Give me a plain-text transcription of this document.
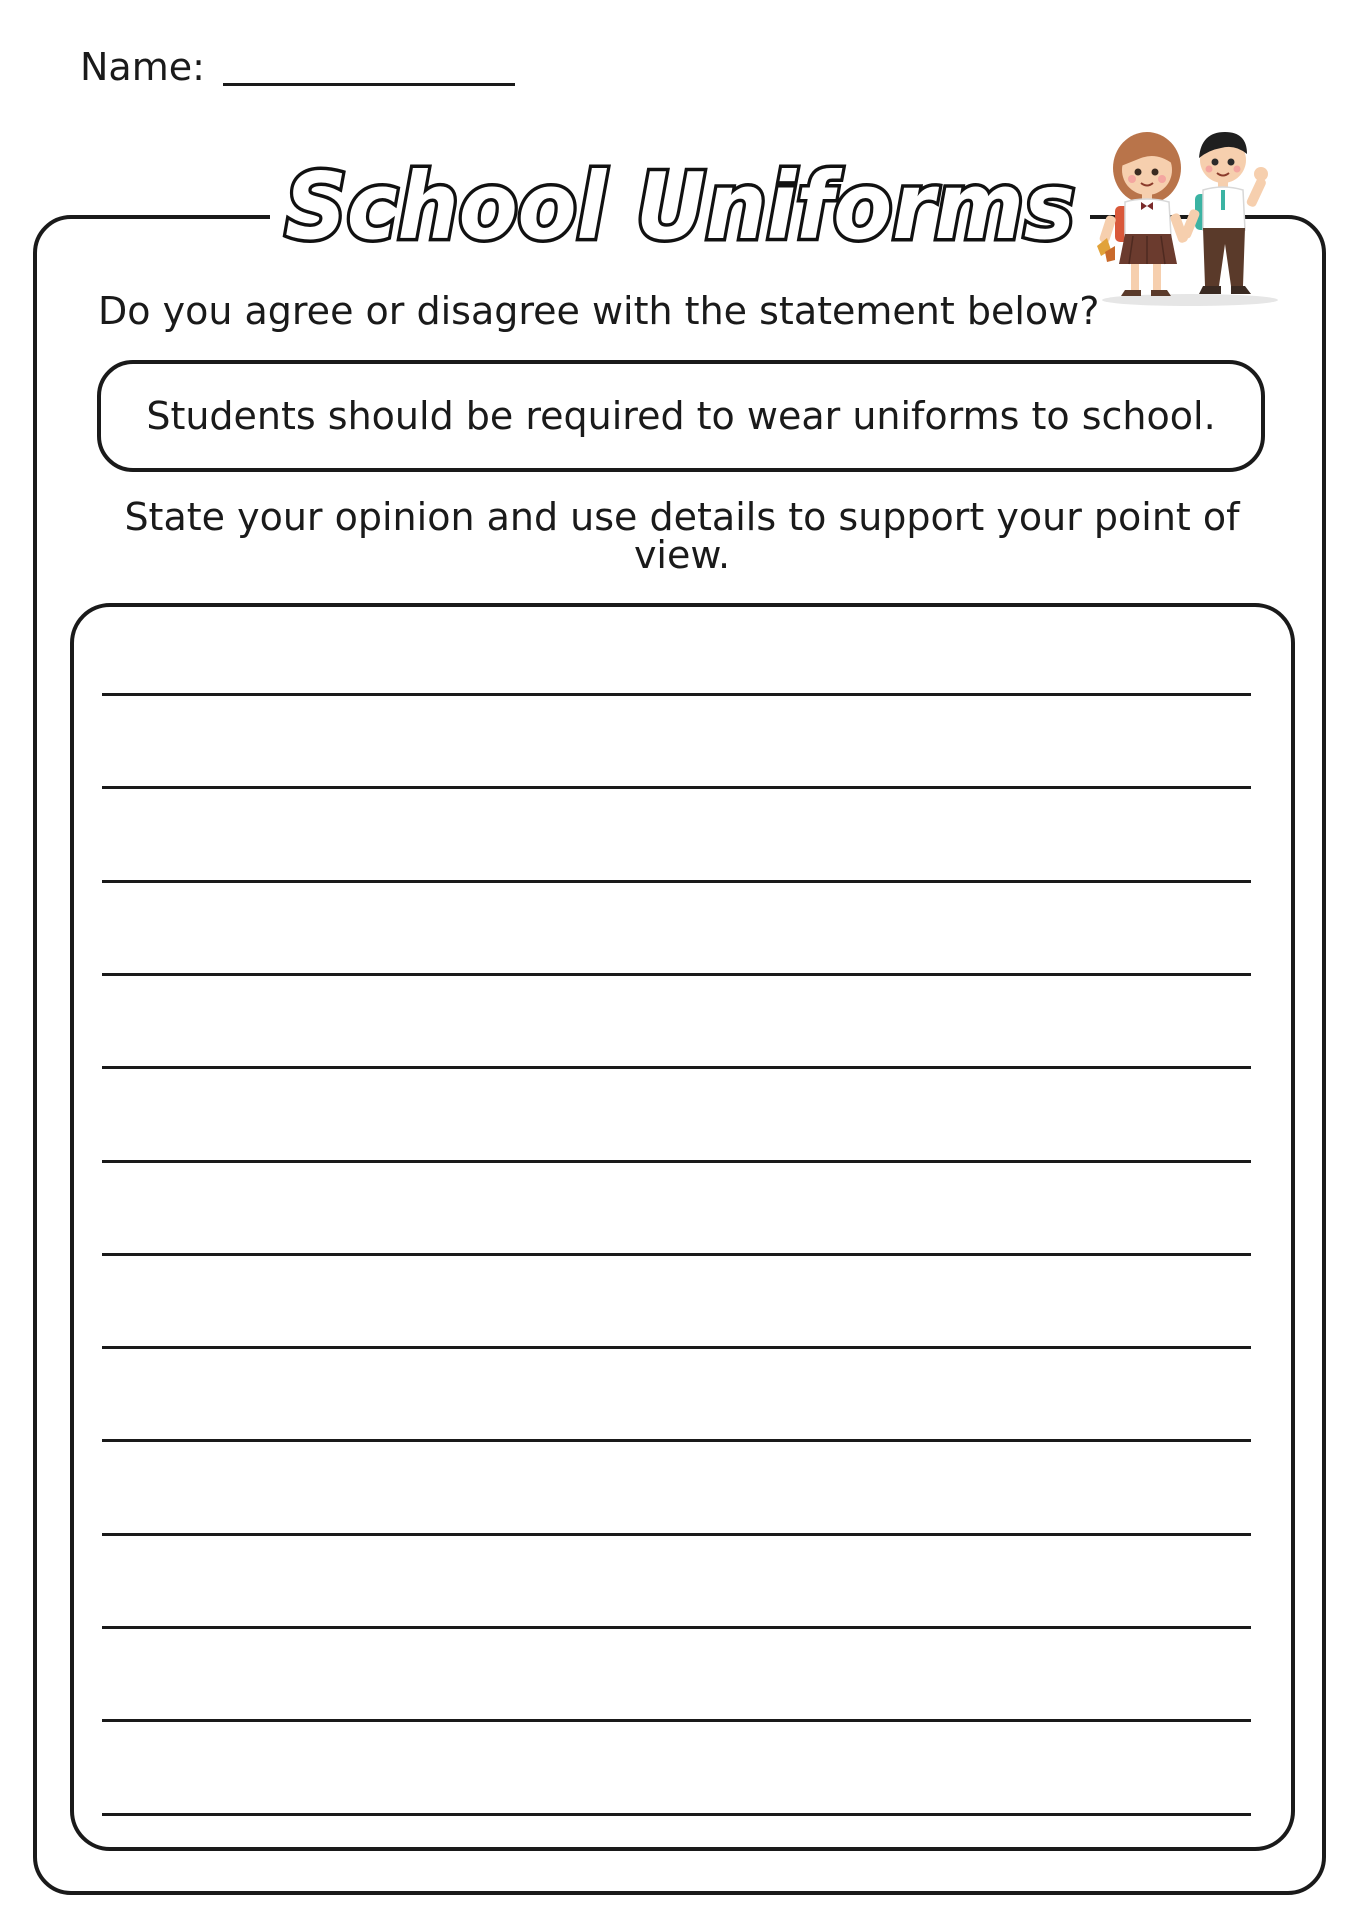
Name:
School Uniforms
Do you agree or disagree with the statement below?
Students should be required to wear uniforms to school.
State your opinion and use details to support your point of view.
